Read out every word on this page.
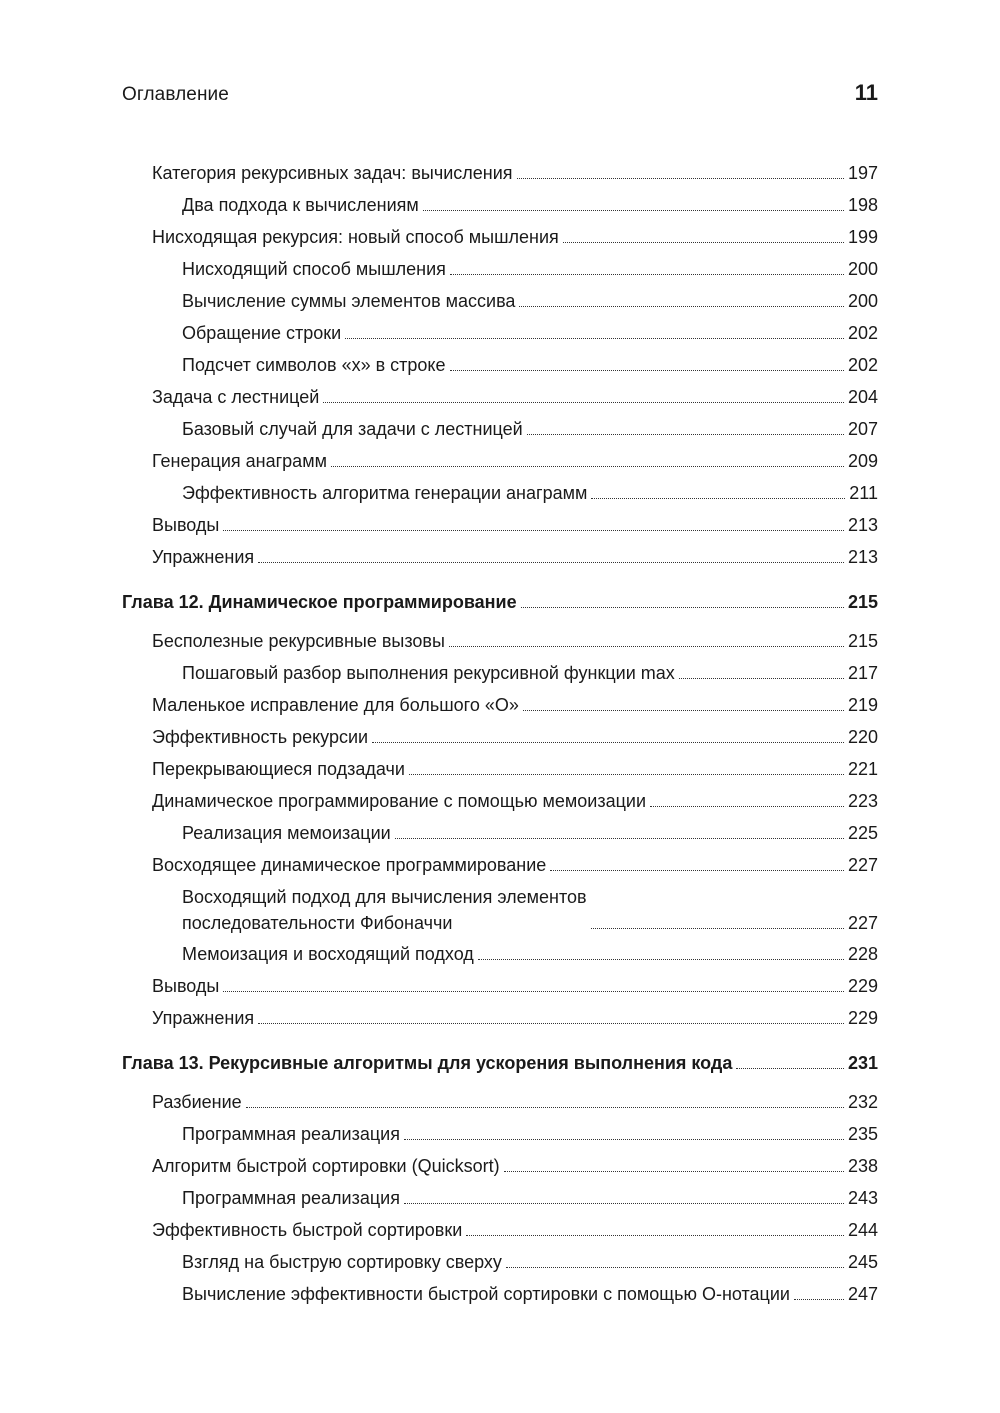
Оглавление	11
Категория рекурсивных задач: вычисления	197
Два подхода к вычислениям	198
Нисходящая рекурсия: новый способ мышления	199
Нисходящий способ мышления	200
Вычисление суммы элементов массива	200
Обращение строки	202
Подсчет символов «x» в строке	202
Задача с лестницей	204
Базовый случай для задачи с лестницей	207
Генерация анаграмм	209
Эффективность алгоритма генерации анаграмм	211
Выводы	213
Упражнения	213
Глава 12. Динамическое программирование	215
Бесполезные рекурсивные вызовы	215
Пошаговый разбор выполнения рекурсивной функции max	217
Маленькое исправление для большого «O»	219
Эффективность рекурсии	220
Перекрывающиеся подзадачи	221
Динамическое программирование с помощью мемоизации	223
Реализация мемоизации	225
Восходящее динамическое программирование	227
Восходящий подход для вычисления элементов
последовательности Фибоначчи	227
Мемоизация и восходящий подход	228
Выводы	229
Упражнения	229
Глава 13. Рекурсивные алгоритмы для ускорения выполнения кода	231
Разбиение	232
Программная реализация	235
Алгоритм быстрой сортировки (Quicksort)	238
Программная реализация	243
Эффективность быстрой сортировки	244
Взгляд на быструю сортировку сверху	245
Вычисление эффективности быстрой сортировки с помощью O-нотации	247
